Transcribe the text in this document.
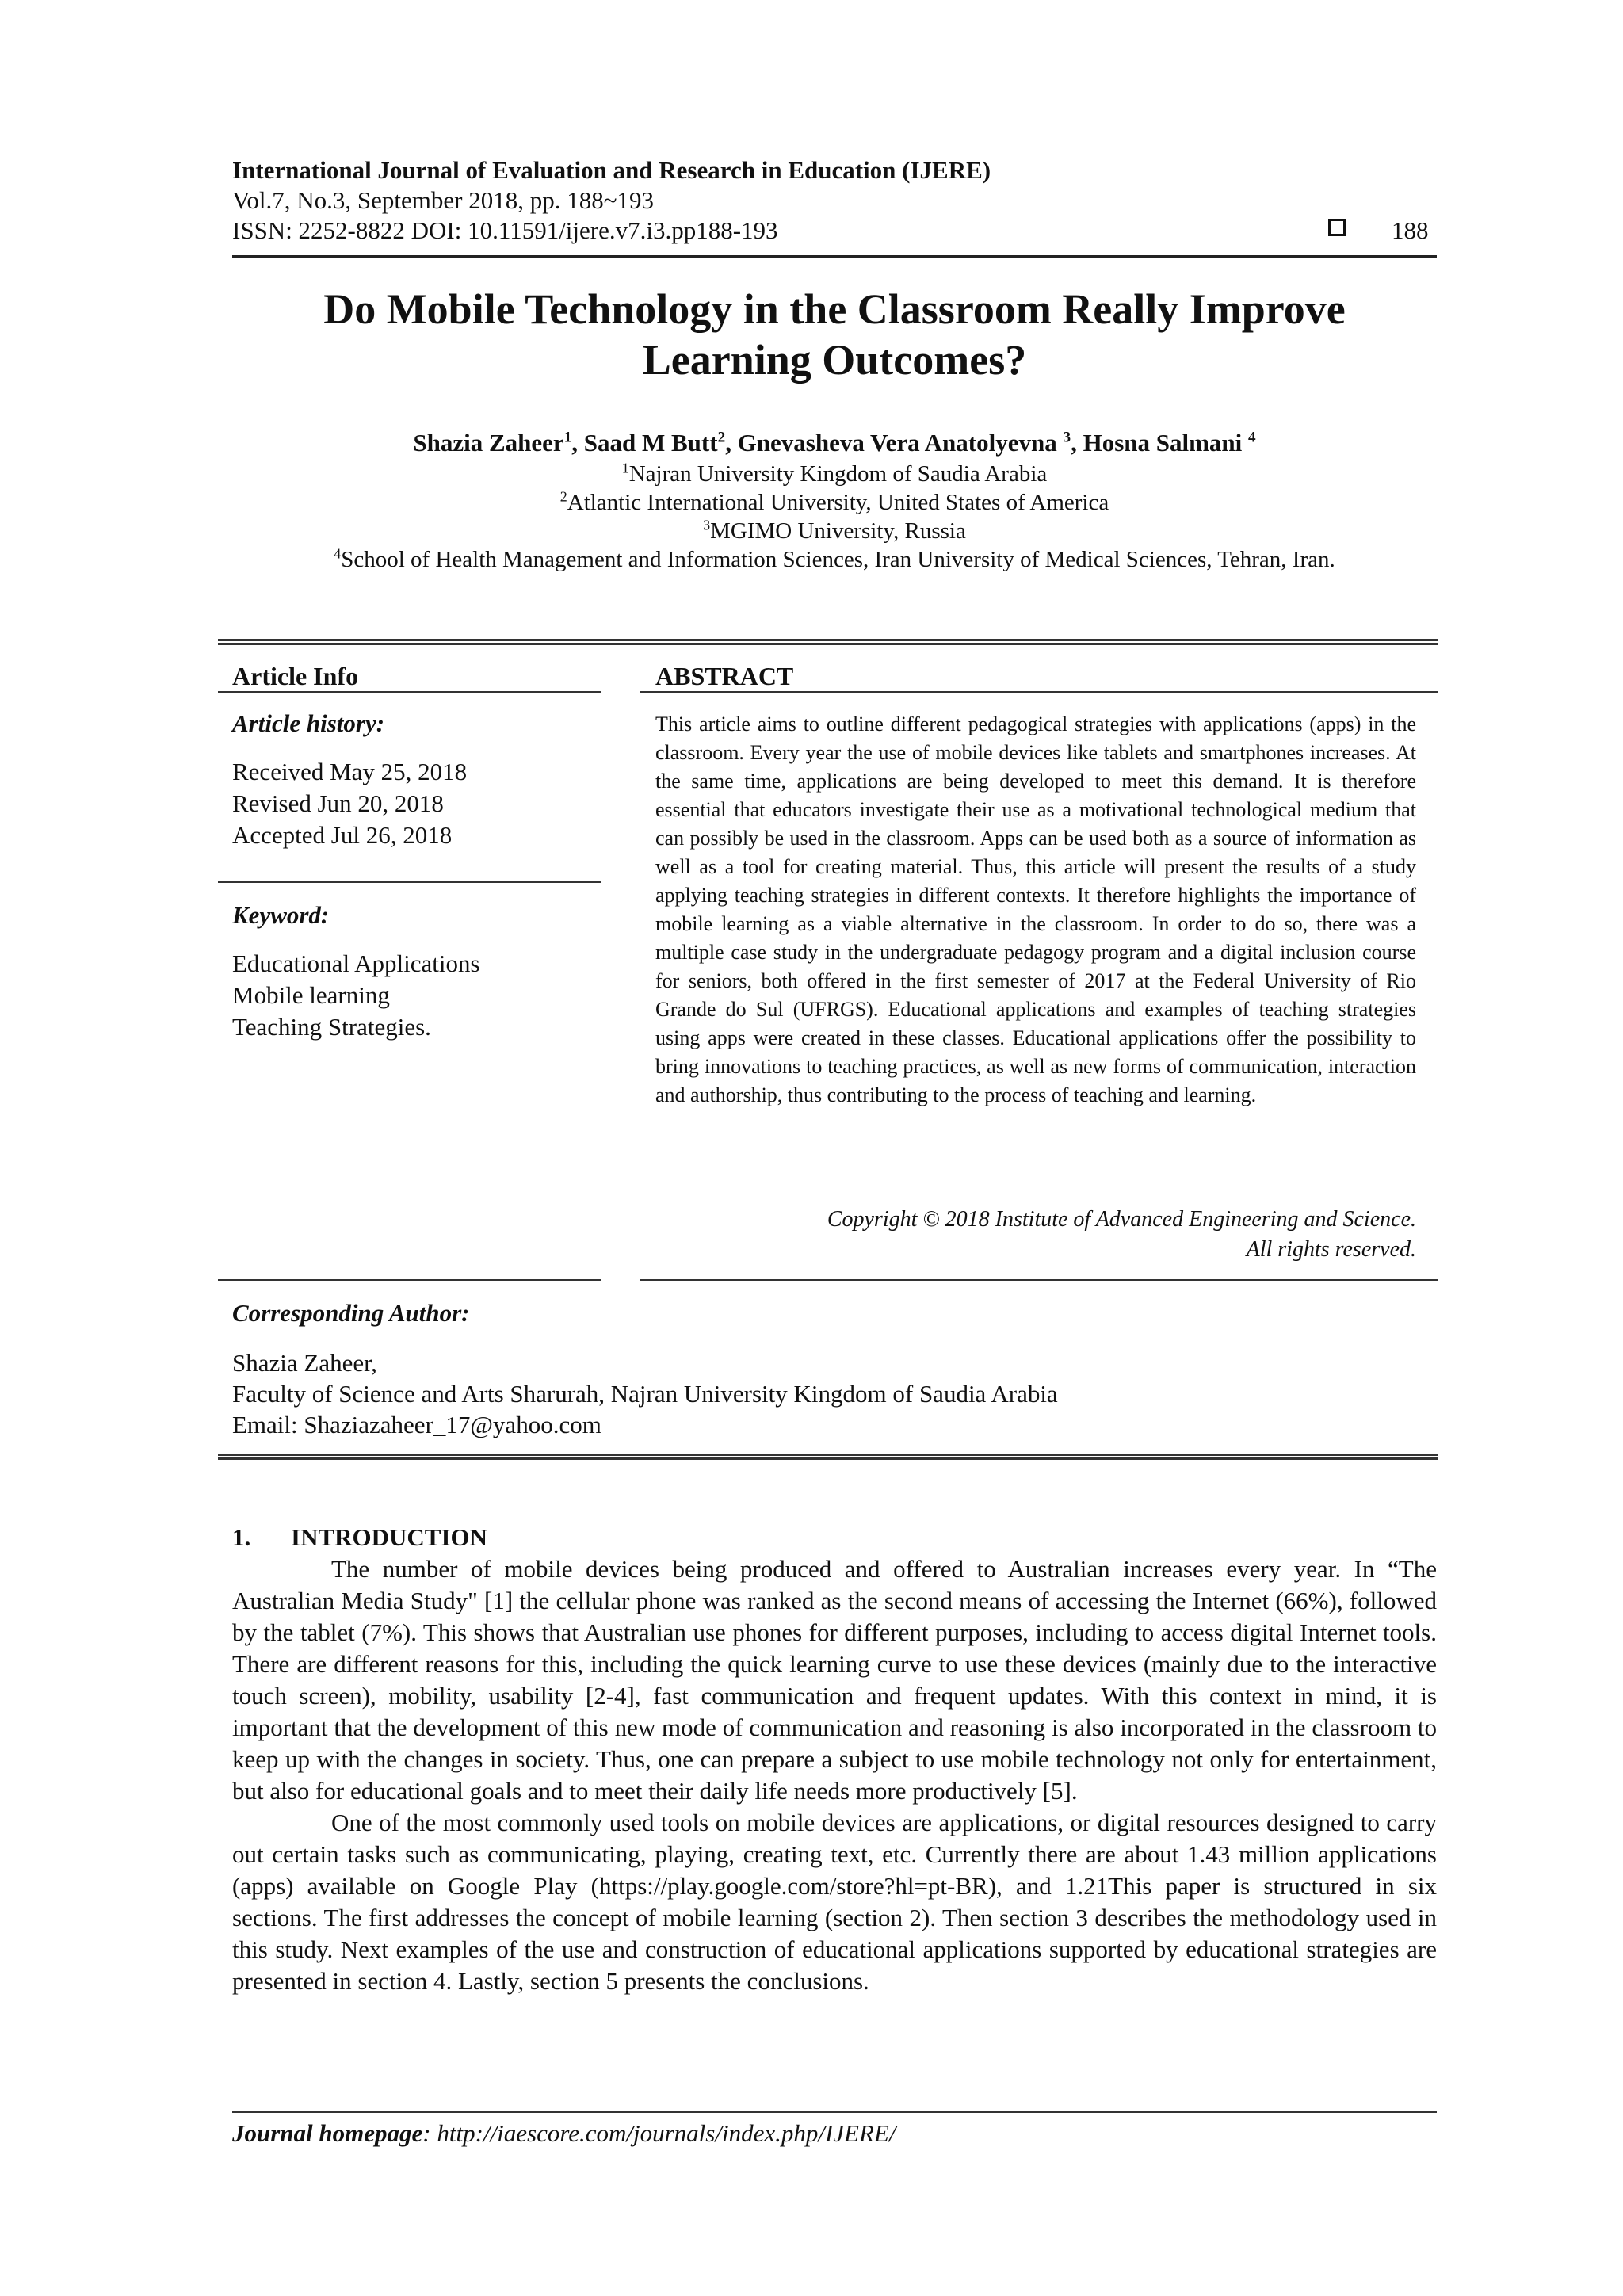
International Journal of Evaluation and Research in Education (IJERE)
Vol.7, No.3, September 2018, pp. 188~193
ISSN: 2252-8822 DOI: 10.11591/ijere.v7.i3.pp188-193	188
Do Mobile Technology in the Classroom Really Improve
Learning Outcomes?
Shazia Zaheer$^1$, Saad M Butt$^2$, Gnevasheva Vera Anatolyevna $^3$, Hosna Salmani $^4$
$^1$Najran University Kingdom of Saudia Arabia
$^2$Atlantic International University, United States of America
$^3$MGIMO University, Russia
$^4$School of Health Management and Information Sciences, Iran University of Medical Sciences, Tehran, Iran.
Article Info
Article history:
Received May 25, 2018
Revised Jun 20, 2018
Accepted Jul 26, 2018
Keyword:
Educational Applications
Mobile learning
Teaching Strategies.
ABSTRACT
This article aims to outline different pedagogical strategies with applications (apps) in the classroom. Every year the use of mobile devices like tablets and smartphones increases. At the same time, applications are being developed to meet this demand. It is therefore essential that educators investigate their use as a motivational technological medium that can possibly be used in the classroom. Apps can be used both as a source of information as well as a tool for creating material. Thus, this article will present the results of a study applying teaching strategies in different contexts. It therefore highlights the importance of mobile learning as a viable alternative in the classroom. In order to do so, there was a multiple case study in the undergraduate pedagogy program and a digital inclusion course for seniors, both offered in the first semester of 2017 at the Federal University of Rio Grande do Sul (UFRGS). Educational applications and examples of teaching strategies using apps were created in these classes. Educational applications offer the possibility to bring innovations to teaching practices, as well as new forms of communication, interaction and authorship, thus contributing to the process of teaching and learning.
Copyright © 2018 Institute of Advanced Engineering and Science.
All rights reserved.
Corresponding Author:
Shazia Zaheer,
Faculty of Science and Arts Sharurah, Najran University Kingdom of Saudia Arabia
Email: Shaziazaheer_17@yahoo.com
1. INTRODUCTION

The number of mobile devices being produced and offered to Australian increases every year. In “The Australian Media Study" [1] the cellular phone was ranked as the second means of accessing the Internet (66%), followed by the tablet (7%). This shows that Australian use phones for different purposes, including to access digital Internet tools. There are different reasons for this, including the quick learning curve to use these devices (mainly due to the interactive touch screen), mobility, usability [2-4], fast communication and frequent updates. With this context in mind, it is important that the development of this new mode of communication and reasoning is also incorporated in the classroom to keep up with the changes in society. Thus, one can prepare a subject to use mobile technology not only for entertainment, but also for educational goals and to meet their daily life needs more productively [5].

One of the most commonly used tools on mobile devices are applications, or digital resources designed to carry out certain tasks such as communicating, playing, creating text, etc. Currently there are about 1.43 million applications (apps) available on Google Play (https://play.google.com/store?hl=pt-BR), and 1.21This paper is structured in six sections. The first addresses the concept of mobile learning (section 2). Then section 3 describes the methodology used in this study. Next examples of the use and construction of educational applications supported by educational strategies are presented in section 4. Lastly, section 5 presents the conclusions.

Journal homepage: http://iaescore.com/journals/index.php/IJERE/
